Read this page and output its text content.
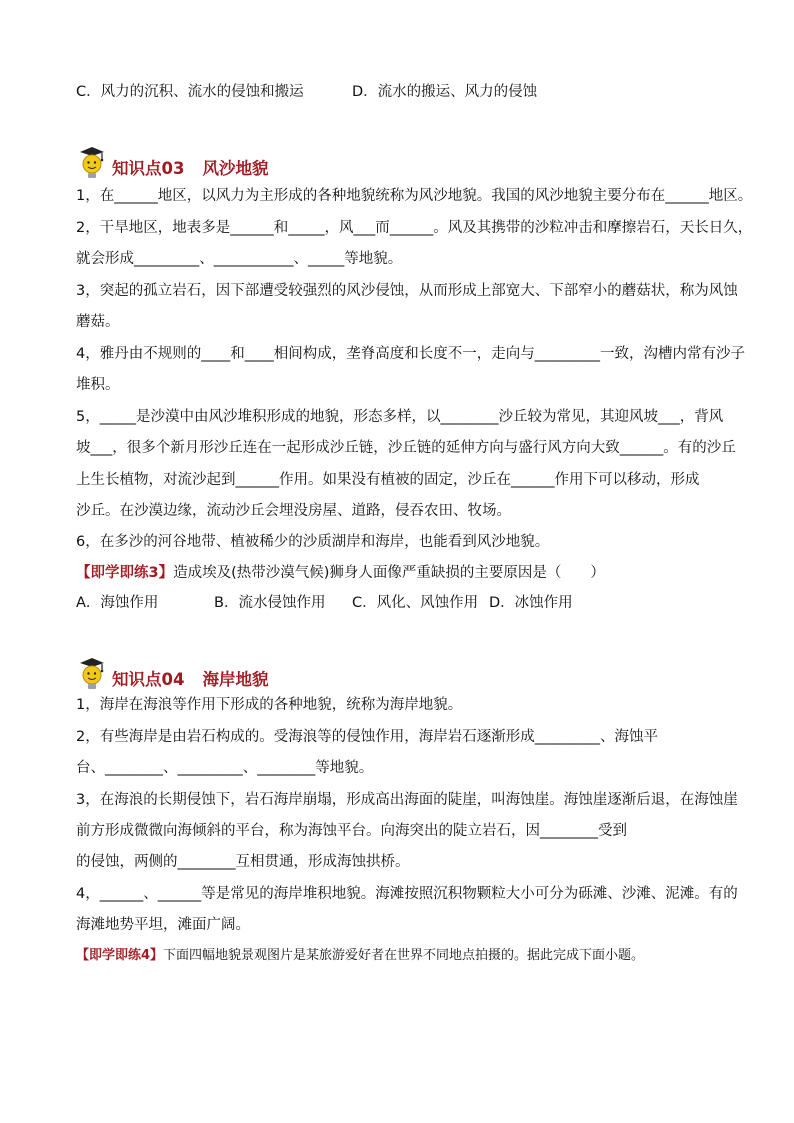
C．风力的沉积、流水的侵蚀和搬运	D．流水的搬运、风力的侵蚀
知识点03 风沙地貌
1，在______地区，以风力为主形成的各种地貌统称为风沙地貌。我国的风沙地貌主要分布在______地区。
2，干旱地区，地表多是______和_____，风___而______。风及其携带的沙粒冲击和摩擦岩石，天长日久，
就会形成_________、___________、_____等地貌。
3，突起的孤立岩石，因下部遭受较强烈的风沙侵蚀，从而形成上部宽大、下部窄小的蘑菇状，称为风蚀
蘑菇。
4，雅丹由不规则的____和____相间构成，垄脊高度和长度不一，走向与_________一致，沟槽内常有沙子
堆积。
5，_____是沙漠中由风沙堆积形成的地貌，形态多样，以________沙丘较为常见，其迎风坡___，背风
坡___，很多个新月形沙丘连在一起形成沙丘链，沙丘链的延伸方向与盛行风方向大致______。有的沙丘
上生长植物，对流沙起到______作用。如果没有植被的固定，沙丘在______作用下可以移动，形成
沙丘。在沙漠边缘，流动沙丘会埋没房屋、道路，侵吞农田、牧场。
6，在多沙的河谷地带、植被稀少的沙质湖岸和海岸，也能看到风沙地貌。
【即学即练3】造成埃及(热带沙漠气候)狮身人面像严重缺损的主要原因是（　　）
A．海蚀作用	B．流水侵蚀作用 C．风化、风蚀作用 D．冰蚀作用
知识点04 海岸地貌
1，海岸在海浪等作用下形成的各种地貌，统称为海岸地貌。
2，有些海岸是由岩石构成的。受海浪等的侵蚀作用，海岸岩石逐渐形成_________、海蚀平
台、________、_________、________等地貌。
3，在海浪的长期侵蚀下，岩石海岸崩塌，形成高出海面的陡崖，叫海蚀崖。海蚀崖逐渐后退，在海蚀崖
前方形成微微向海倾斜的平台，称为海蚀平台。向海突出的陡立岩石，因________受到
的侵蚀，两侧的________互相贯通，形成海蚀拱桥。
4，______、______等是常见的海岸堆积地貌。海滩按照沉积物颗粒大小可分为砾滩、沙滩、泥滩。有的
海滩地势平坦，滩面广阔。
【即学即练4】下面四幅地貌景观图片是某旅游爱好者在世界不同地点拍摄的。据此完成下面小题。
